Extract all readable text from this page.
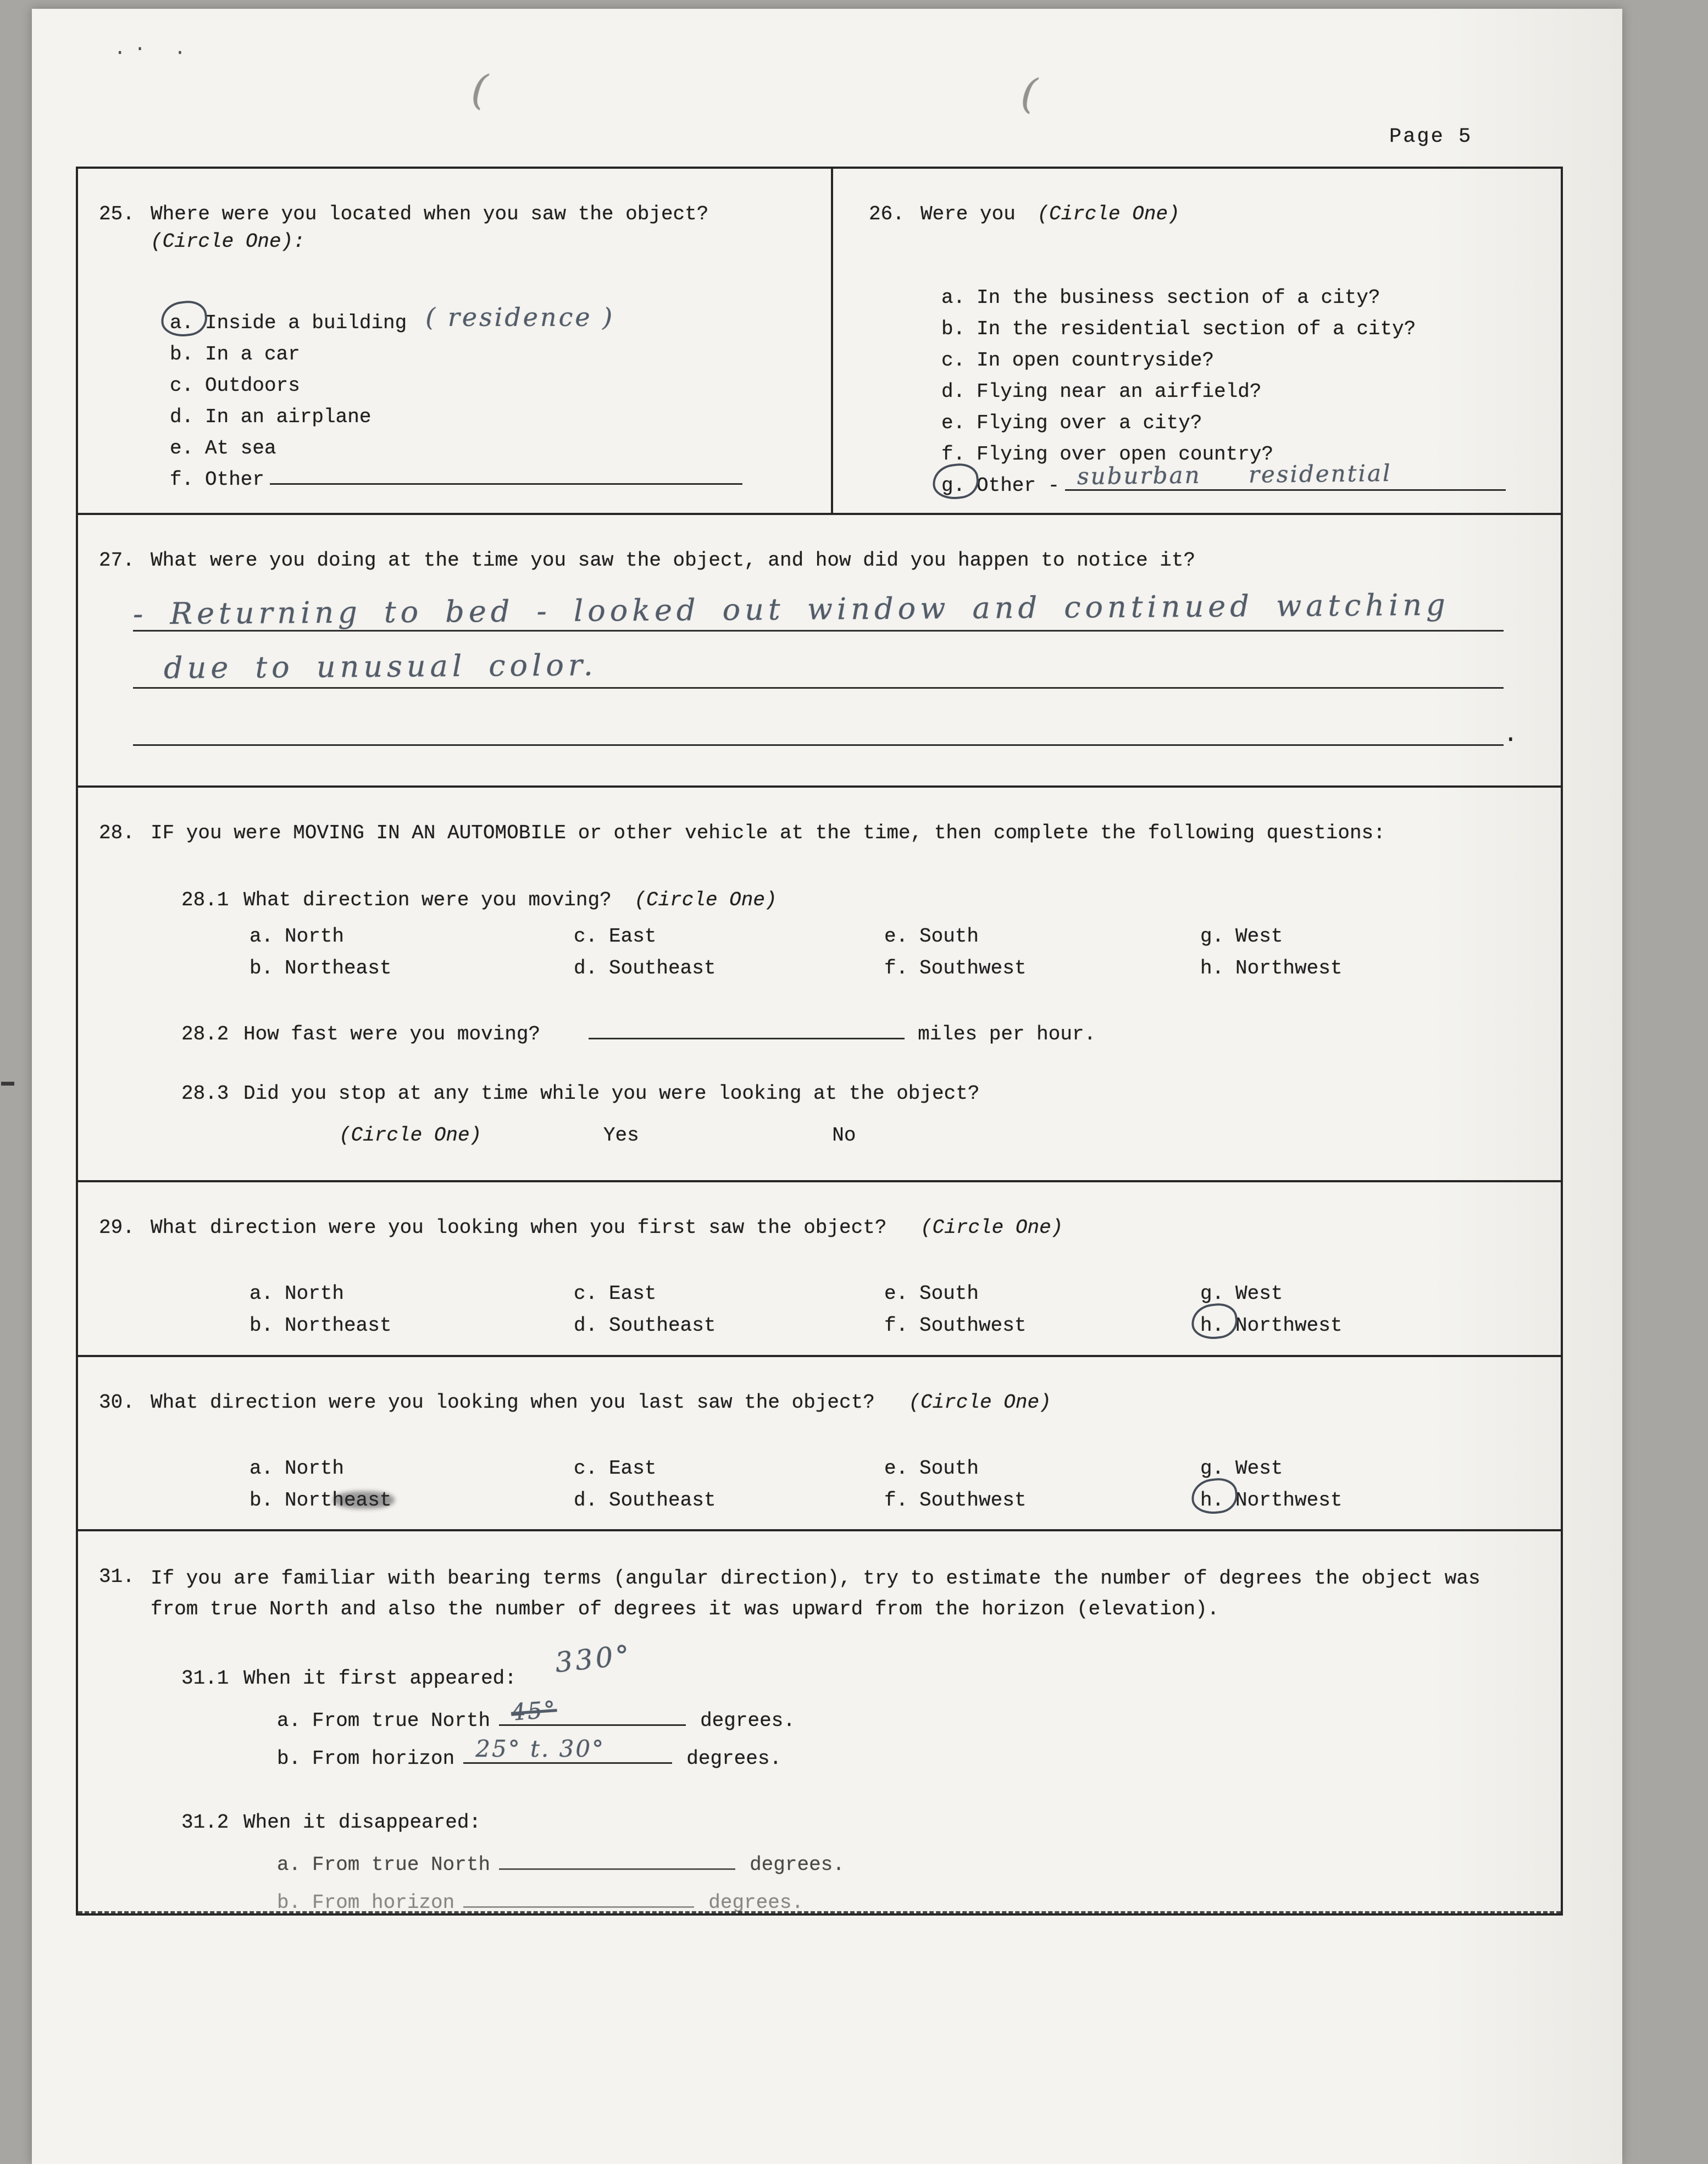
.· .
(	(
Page 5
25. Where were you located when you saw the object?
(Circle One):
a. Inside a building ( residence )
b. In a car
c. Outdoors
d. In an airplane
e. At sea
f. Other
26. Were you (Circle One)
a. In the business section of a city?
b. In the residential section of a city?
c. In open countryside?
d. Flying near an airfield?
e. Flying over a city?
f. Flying over open country?
g. Other - suburban residential
27. What were you doing at the time you saw the object, and how did you happen to notice it?
- Returning to bed - looked out window and continued watching
due to unusual color.
.
28. IF you were MOVING IN AN AUTOMOBILE or other vehicle at the time, then complete the following questions:
28.1 What direction were you moving? (Circle One)
a. North	c. East	e. South	g. West
b. Northeast	d. Southeast	f. Southwest	h. Northwest
28.2 How fast were you moving?	miles per hour.
28.3 Did you stop at any time while you were looking at the object?
(Circle One)	Yes	No
29. What direction were you looking when you first saw the object? (Circle One)
a. North	c. East	e. South	g. West
b. Northeast	d. Southeast	f. Southwest	h. Northwest
30. What direction were you looking when you last saw the object? (Circle One)
a. North	c. East	e. South	g. West
b. Northeast	d. Southeast	f. Southwest	h. Northwest
31. If you are familiar with bearing terms (angular direction), try to estimate the number of degrees the object was from true North and also the number of degrees it was upward from the horizon (elevation).
31.1 When it first appeared: 330°
a. From true North 45°	degrees.
b. From horizon 25° t. 30°	degrees.
31.2 When it disappeared:
a. From true North	degrees.
b. From horizon	degrees.
